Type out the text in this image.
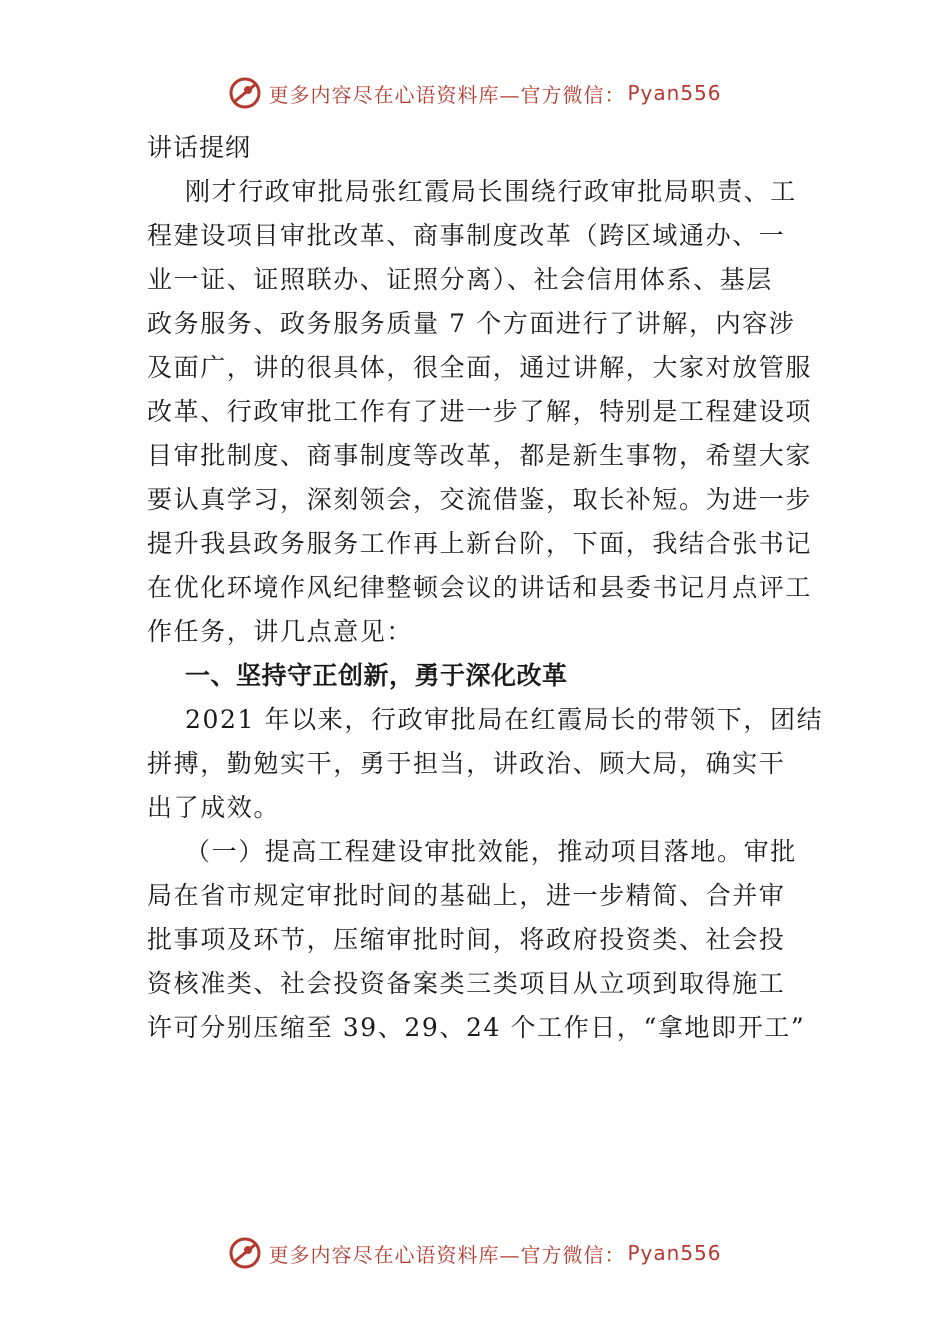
更多内容尽在心语资料库—官方微信： Pyan556
讲话提纲
刚才行政审批局张红霞局长围绕行政审批局职责、工
程建设项目审批改革、商事制度改革（跨区域通办、一
业一证、证照联办、证照分离）、社会信用体系、基层
政务服务、政务服务质量 7 个方面进行了讲解，内容涉
及面广，讲的很具体，很全面，通过讲解，大家对放管服
改革、行政审批工作有了进一步了解，特别是工程建设项
目审批制度、商事制度等改革，都是新生事物，希望大家
要认真学习，深刻领会，交流借鉴，取长补短。为进一步
提升我县政务服务工作再上新台阶，下面，我结合张书记
在优化环境作风纪律整顿会议的讲话和县委书记月点评工
作任务，讲几点意见：
一、坚持守正创新，勇于深化改革
2021 年以来，行政审批局在红霞局长的带领下，团结
拼搏，勤勉实干，勇于担当，讲政治、顾大局，确实干
出了成效。
（一）提高工程建设审批效能，推动项目落地。审批
局在省市规定审批时间的基础上，进一步精简、合并审
批事项及环节，压缩审批时间，将政府投资类、社会投
资核准类、社会投资备案类三类项目从立项到取得施工
许可分别压缩至 39、29、24 个工作日，“拿地即开工”
更多内容尽在心语资料库—官方微信： Pyan556
